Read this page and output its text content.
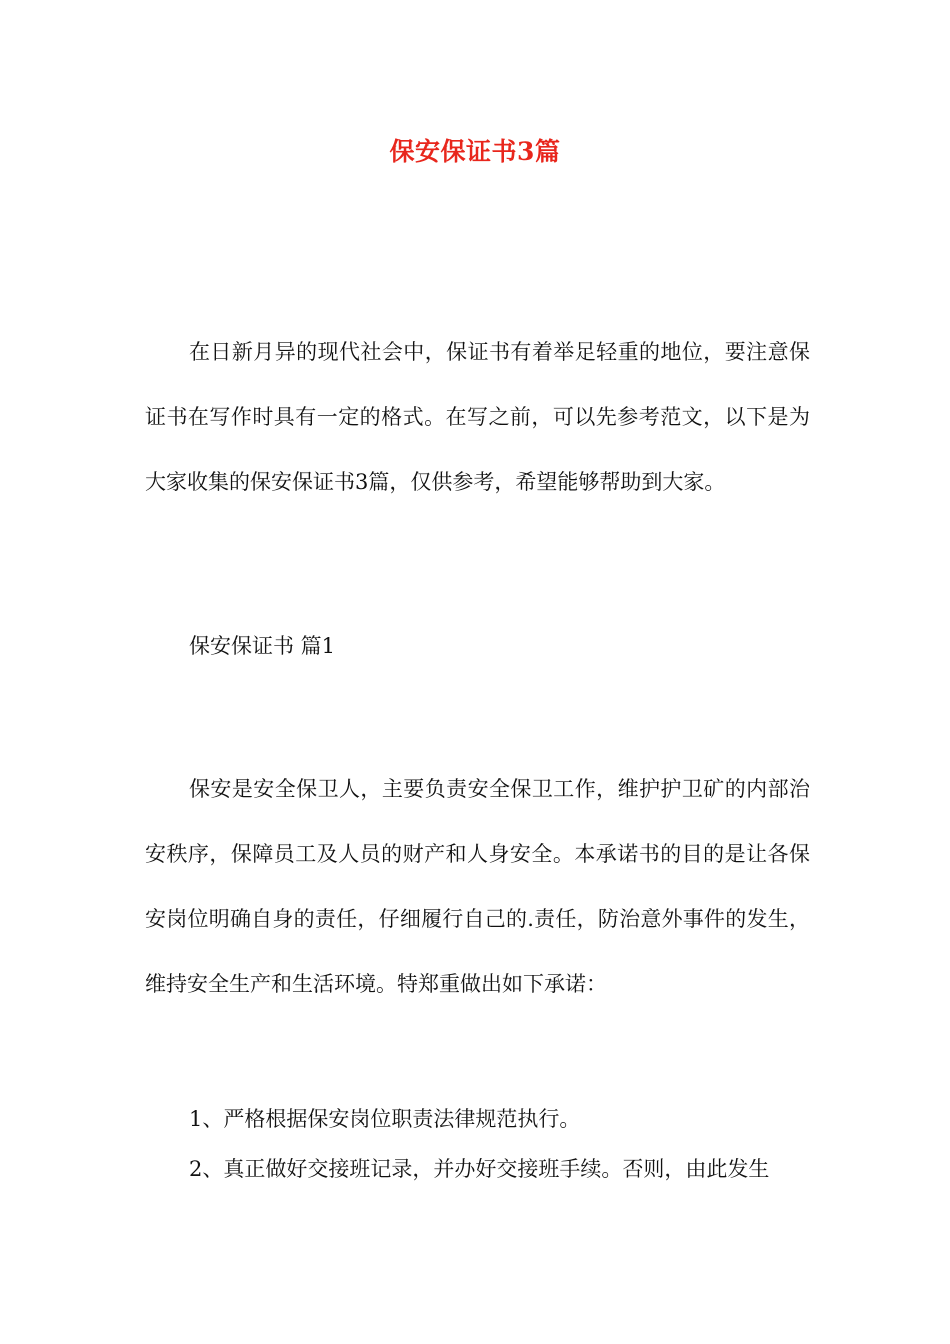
保安保证书3篇
在日新月异的现代社会中，保证书有着举足轻重的地位，要注意保证书在写作时具有一定的格式。在写之前，可以先参考范文，以下是为大家收集的保安保证书3篇，仅供参考，希望能够帮助到大家。
保安保证书 篇1
保安是安全保卫人，主要负责安全保卫工作，维护护卫矿的内部治安秩序，保障员工及人员的财产和人身安全。本承诺书的目的是让各保安岗位明确自身的责任，仔细履行自己的.责任，防治意外事件的发生，维持安全生产和生活环境。特郑重做出如下承诺：
1、严格根据保安岗位职责法律规范执行。
2、真正做好交接班记录，并办好交接班手续。否则，由此发生
